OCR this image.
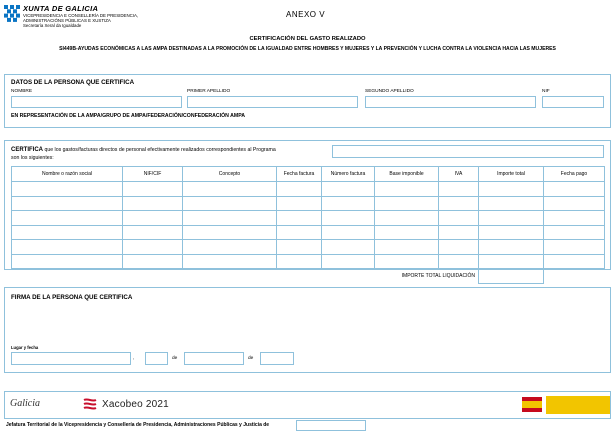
XUNTA DE GALICIA
VICEPRESIDENCIA E CONSELLERÍA DE PRESIDENCIA,
ADMINISTRACIÓNS PÚBLICAS E XUSTIZA
Secretaría Xeral da Igualdade
ANEXO V
CERTIFICACIÓN DEL GASTO REALIZADO
SI449B-AYUDAS ECONÓMICAS A LAS AMPA DESTINADAS A LA PROMOCIÓN DE LA IGUALDAD ENTRE HOMBRES Y MUJERES Y LA PREVENCIÓN Y LUCHA CONTRA LA VIOLENCIA HACIA LAS MUJERES
DATOS DE LA PERSONA QUE CERTIFICA
NOMBRE	PRIMER APELLIDO	SEGUNDO APELLIDO	NIF
EN REPRESENTACIÓN DE LA AMPA/GRUPO DE AMPA/FEDERACIÓN/CONFEDERACIÓN AMPA
CERTIFICA que los gastos/facturas directos de personal efectivamente realizados correspondientes al Programa
son los siguientes:
Nombre o razón social	NIF/CIF	Concepto	Fecha factura	Número factura	Base imponible	IVA	Importe total	Fecha pago

IMPORTE TOTAL LIQUIDACIÓN								
FIRMA DE LA PERSONA QUE CERTIFICA
Lugar y fecha
,	de	de
Galicia	Xacobeo 2021
Jefatura Territorial de la Vicepresidencia y Consellería de Presidencia, Administraciones Públicas y Justicia de
